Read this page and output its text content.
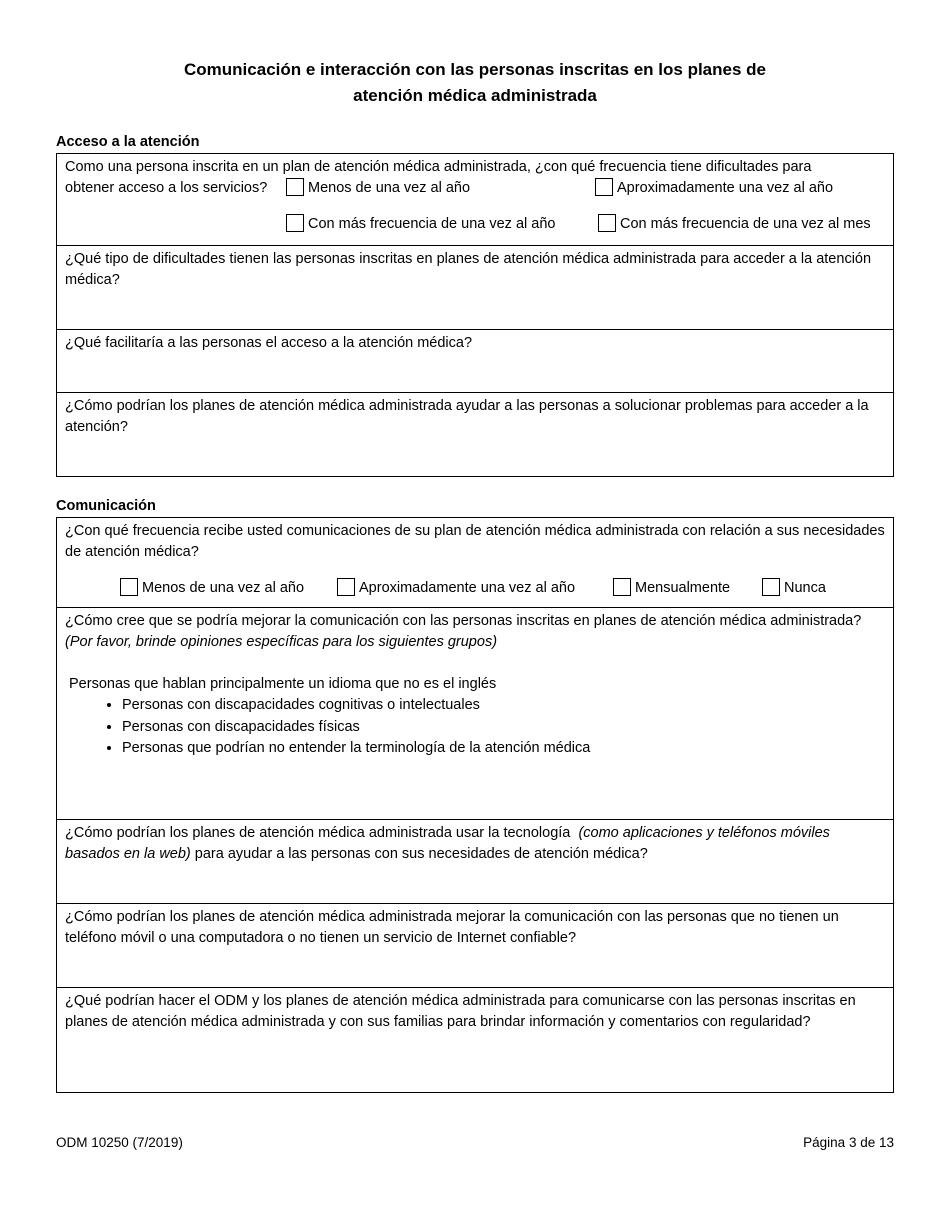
Comunicación e interacción con las personas inscritas en los planes de
atención médica administrada
Acceso a la atención
Como una persona inscrita en un plan de atención médica administrada, ¿con qué frecuencia tiene dificultades para
obtener acceso a los servicios?	Menos de una vez al año	Aproximadamente una vez al año
Con más frecuencia de una vez al año	Con más frecuencia de una vez al mes

¿Qué tipo de dificultades tienen las personas inscritas en planes de atención médica administrada para acceder a la atención médica?
¿Qué facilitaría a las personas el acceso a la atención médica?
¿Cómo podrían los planes de atención médica administrada ayudar a las personas a solucionar problemas para acceder a la atención?
Comunicación
¿Con qué frecuencia recibe usted comunicaciones de su plan de atención médica administrada con relación a sus necesidades de atención médica?
Menos de una vez al año	Aproximadamente una vez al año	Mensualmente	Nunca

¿Cómo cree que se podría mejorar la comunicación con las personas inscritas en planes de atención médica administrada? (Por favor, brinde opiniones específicas para los siguientes grupos)
Personas que hablan principalmente un idioma que no es el inglés
• Personas con discapacidades cognitivas o intelectuales
• Personas con discapacidades físicas
• Personas que podrían no entender la terminología de la atención médica

¿Cómo podrían los planes de atención médica administrada usar la tecnología (como aplicaciones y teléfonos móviles basados en la web) para ayudar a las personas con sus necesidades de atención médica?
¿Cómo podrían los planes de atención médica administrada mejorar la comunicación con las personas que no tienen un teléfono móvil o una computadora o no tienen un servicio de Internet confiable?
¿Qué podrían hacer el ODM y los planes de atención médica administrada para comunicarse con las personas inscritas en planes de atención médica administrada y con sus familias para brindar información y comentarios con regularidad?
ODM 10250 (7/2019)	Página 3 de 13
